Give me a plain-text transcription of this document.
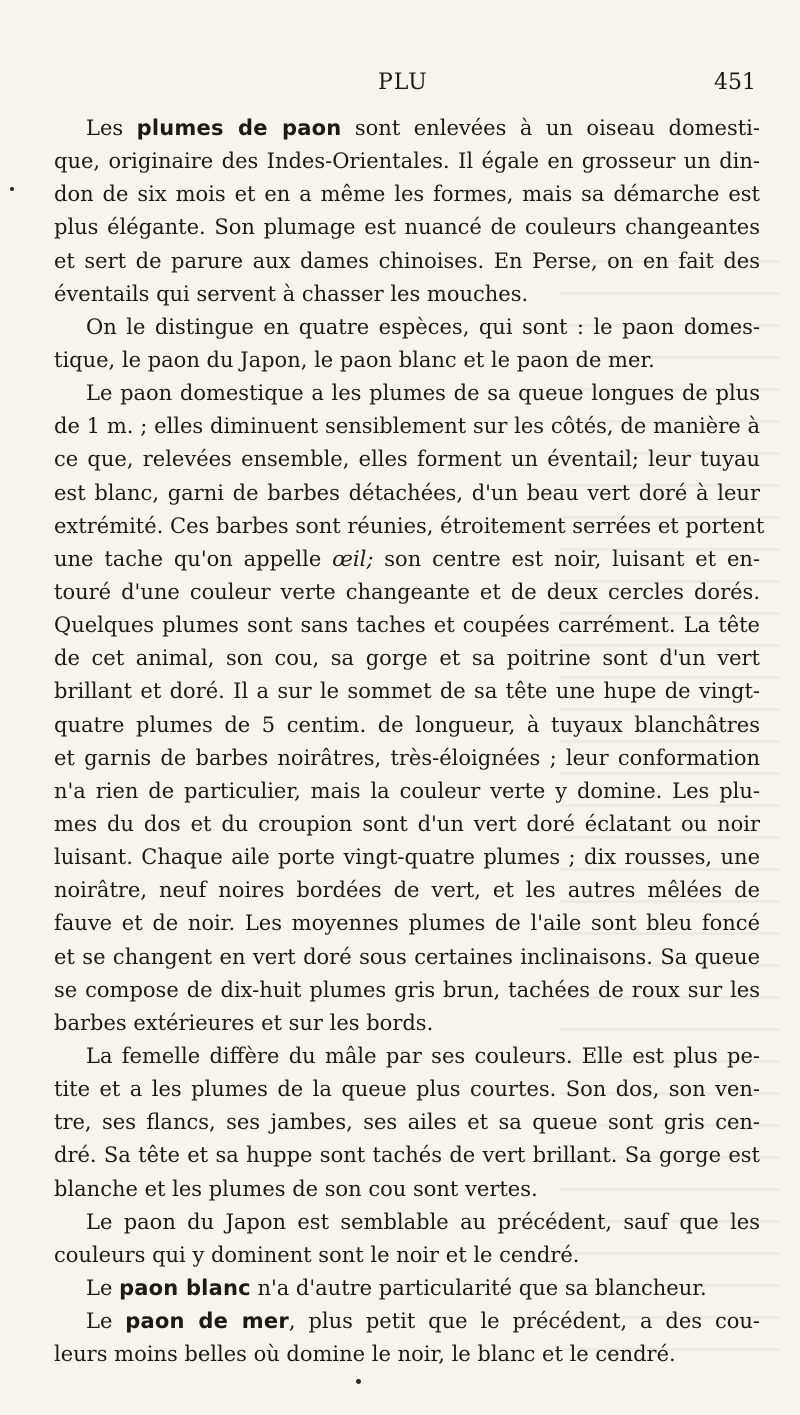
PLU	451
Les plumes de paon sont enlevées à un oiseau domesti-
que, originaire des Indes-Orientales. Il égale en grosseur un din-
don de six mois et en a même les formes, mais sa démarche est
plus élégante. Son plumage est nuancé de couleurs changeantes
et sert de parure aux dames chinoises. En Perse, on en fait des
éventails qui servent à chasser les mouches.
On le distingue en quatre espèces, qui sont : le paon domes-
tique, le paon du Japon, le paon blanc et le paon de mer.
Le paon domestique a les plumes de sa queue longues de plus
de 1 m. ; elles diminuent sensiblement sur les côtés, de manière à
ce que, relevées ensemble, elles forment un éventail; leur tuyau
est blanc, garni de barbes détachées, d'un beau vert doré à leur
extrémité. Ces barbes sont réunies, étroitement serrées et portent
une tache qu'on appelle œil; son centre est noir, luisant et en-
touré d'une couleur verte changeante et de deux cercles dorés.
Quelques plumes sont sans taches et coupées carrément. La tête
de cet animal, son cou, sa gorge et sa poitrine sont d'un vert
brillant et doré. Il a sur le sommet de sa tête une hupe de vingt-
quatre plumes de 5 centim. de longueur, à tuyaux blanchâtres
et garnis de barbes noirâtres, très-éloignées ; leur conformation
n'a rien de particulier, mais la couleur verte y domine. Les plu-
mes du dos et du croupion sont d'un vert doré éclatant ou noir
luisant. Chaque aile porte vingt-quatre plumes ; dix rousses, une
noirâtre, neuf noires bordées de vert, et les autres mêlées de
fauve et de noir. Les moyennes plumes de l'aile sont bleu foncé
et se changent en vert doré sous certaines inclinaisons. Sa queue
se compose de dix-huit plumes gris brun, tachées de roux sur les
barbes extérieures et sur les bords.
La femelle diffère du mâle par ses couleurs. Elle est plus pe-
tite et a les plumes de la queue plus courtes. Son dos, son ven-
tre, ses flancs, ses jambes, ses ailes et sa queue sont gris cen-
dré. Sa tête et sa huppe sont tachés de vert brillant. Sa gorge est
blanche et les plumes de son cou sont vertes.
Le paon du Japon est semblable au précédent, sauf que les
couleurs qui y dominent sont le noir et le cendré.
Le paon blanc n'a d'autre particularité que sa blancheur.
Le paon de mer, plus petit que le précédent, a des cou-
leurs moins belles où domine le noir, le blanc et le cendré.
